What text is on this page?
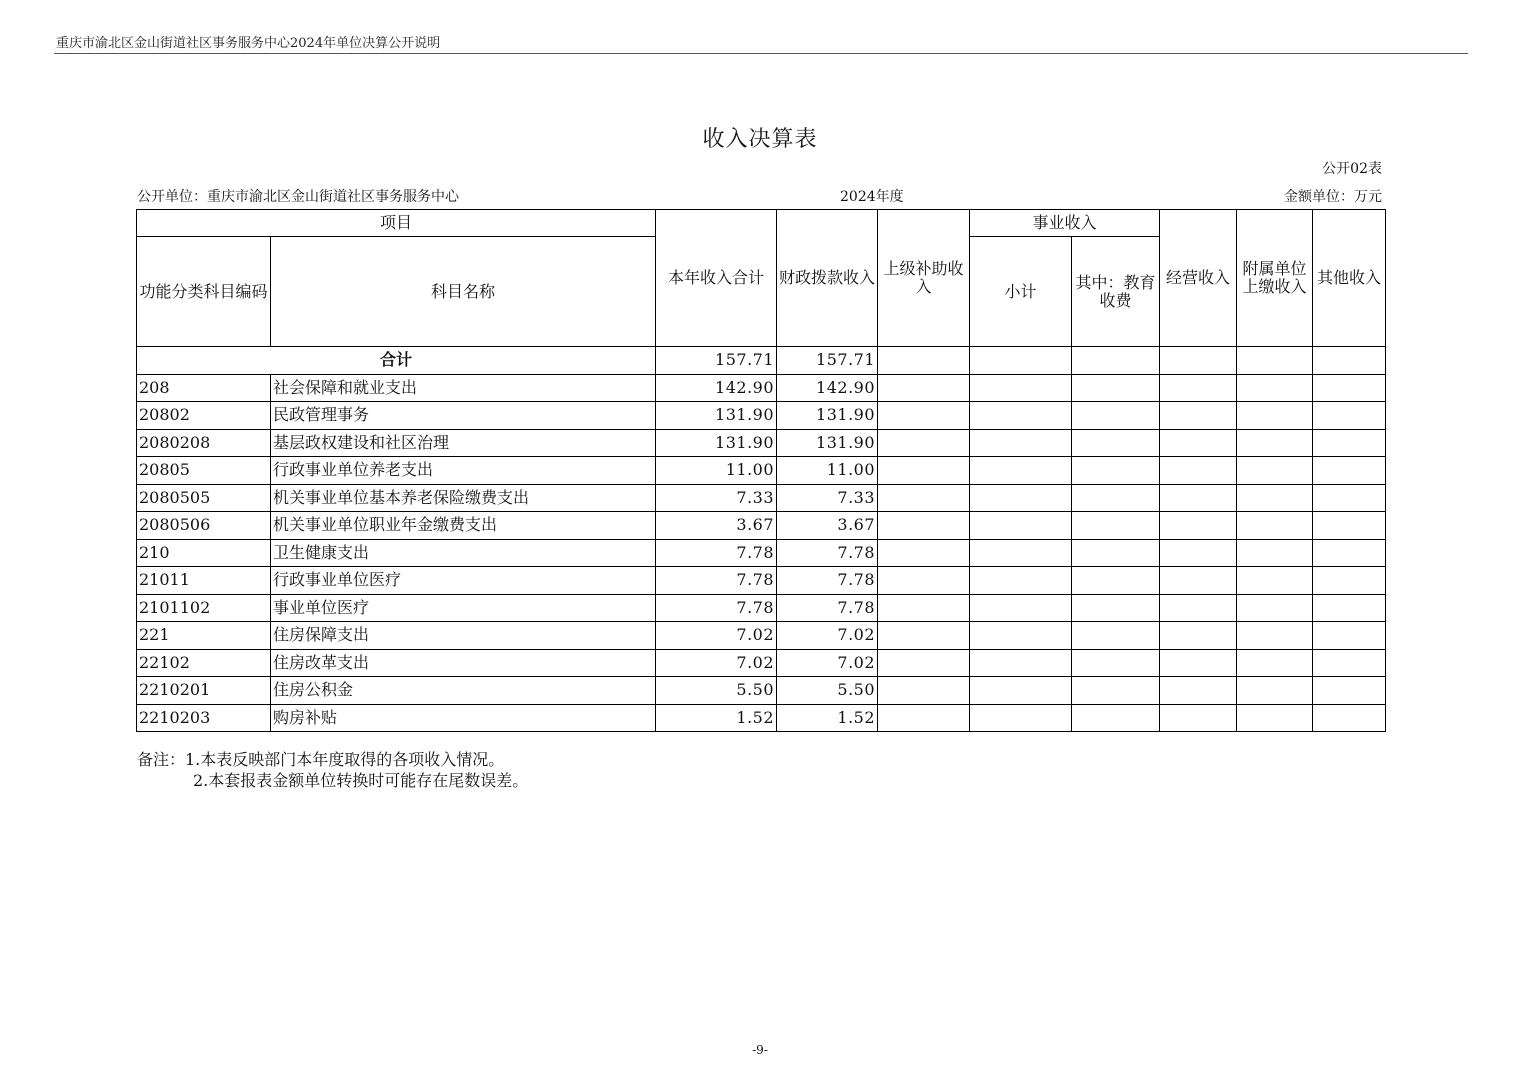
重庆市渝北区金山街道社区事务服务中心2024年单位决算公开说明
收入决算表
公开02表
公开单位：重庆市渝北区金山街道社区事务服务中心	2024年度	金额单位：万元
项目		本年收入合计	财政拨款收入	上级补助收入	事业收入		经营收入	附属单位上缴收入	其他收入
功能分类科目编码	科目名称				小计	其中：教育收费			
合计		157.71	157.71						
208	社会保障和就业支出	142.90	142.90						
20802	民政管理事务	131.90	131.90						
2080208	基层政权建设和社区治理	131.90	131.90						
20805	行政事业单位养老支出	11.00	11.00						
2080505	机关事业单位基本养老保险缴费支出	7.33	7.33						
2080506	机关事业单位职业年金缴费支出	3.67	3.67						
210	卫生健康支出	7.78	7.78						
21011	行政事业单位医疗	7.78	7.78						
2101102	事业单位医疗	7.78	7.78						
221	住房保障支出	7.02	7.02						
22102	住房改革支出	7.02	7.02						
2210201	住房公积金	5.50	5.50						
2210203	购房补贴	1.52	1.52						
备注：1.本表反映部门本年度取得的各项收入情况。
2.本套报表金额单位转换时可能存在尾数误差。
-9-
